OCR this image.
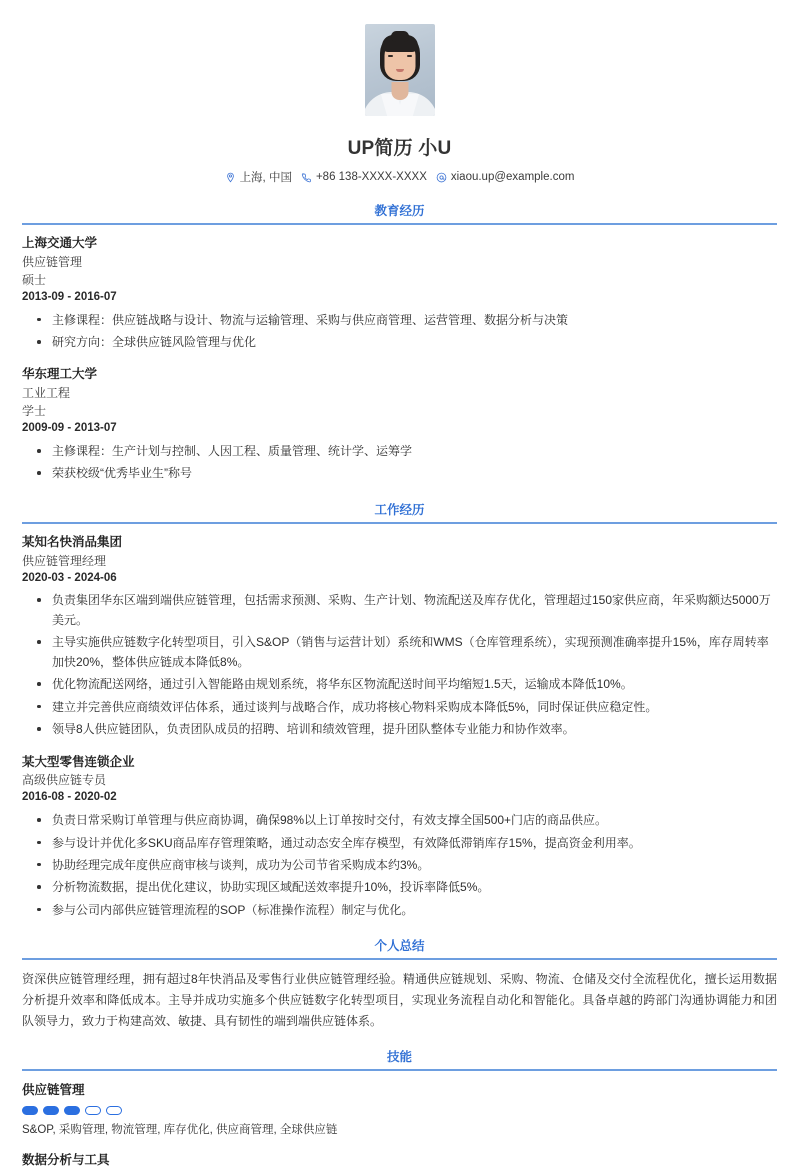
UP简历 小U
上海, 中国 +86 138-XXXX-XXXX xiaou.up@example.com
教育经历
上海交通大学
供应链管理
硕士
2013-09 - 2016-07
主修课程：供应链战略与设计、物流与运输管理、采购与供应商管理、运营管理、数据分析与决策
研究方向：全球供应链风险管理与优化
华东理工大学
工业工程
学士
2009-09 - 2013-07
主修课程：生产计划与控制、人因工程、质量管理、统计学、运筹学
荣获校级“优秀毕业生”称号
工作经历
某知名快消品集团
供应链管理经理
2020-03 - 2024-06
负责集团华东区端到端供应链管理，包括需求预测、采购、生产计划、物流配送及库存优化，管理超过150家供应商，年采购额达5000万美元。
主导实施供应链数字化转型项目，引入S&OP（销售与运营计划）系统和WMS（仓库管理系统），实现预测准确率提升15%，库存周转率加快20%，整体供应链成本降低8%。
优化物流配送网络，通过引入智能路由规划系统，将华东区物流配送时间平均缩短1.5天，运输成本降低10%。
建立并完善供应商绩效评估体系，通过谈判与战略合作，成功将核心物料采购成本降低5%，同时保证供应稳定性。
领导8人供应链团队，负责团队成员的招聘、培训和绩效管理，提升团队整体专业能力和协作效率。
某大型零售连锁企业
高级供应链专员
2016-08 - 2020-02
负责日常采购订单管理与供应商协调，确保98%以上订单按时交付，有效支撑全国500+门店的商品供应。
参与设计并优化多SKU商品库存管理策略，通过动态安全库存模型，有效降低滞销库存15%，提高资金利用率。
协助经理完成年度供应商审核与谈判，成功为公司节省采购成本约3%。
分析物流数据，提出优化建议，协助实现区域配送效率提升10%，投诉率降低5%。
参与公司内部供应链管理流程的SOP（标准操作流程）制定与优化。
个人总结
资深供应链管理经理，拥有超过8年快消品及零售行业供应链管理经验。精通供应链规划、采购、物流、仓储及交付全流程优化，擅长运用数据分析提升效率和降低成本。主导并成功实施多个供应链数字化转型项目，实现业务流程自动化和智能化。具备卓越的跨部门沟通协调能力和团队领导力，致力于构建高效、敏捷、具有韧性的端到端供应链体系。
技能
供应链管理
S&OP, 采购管理, 物流管理, 库存优化, 供应商管理, 全球供应链
数据分析与工具
